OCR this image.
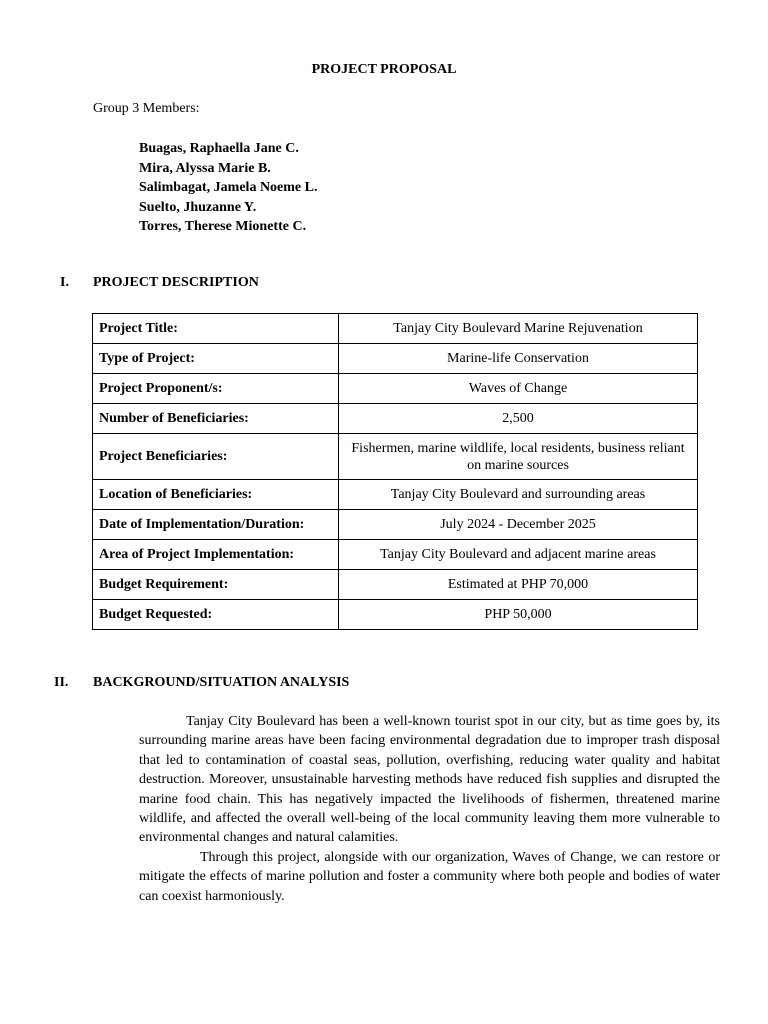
PROJECT PROPOSAL
Group 3 Members:
Buagas, Raphaella Jane C.
Mira, Alyssa Marie B.
Salimbagat, Jamela Noeme L.
Suelto, Jhuzanne Y.
Torres, Therese Mionette C.
I.	PROJECT DESCRIPTION
Project Title:	Tanjay City Boulevard Marine Rejuvenation
Type of Project:	Marine-life Conservation
Project Proponent/s:	Waves of Change
Number of Beneficiaries:	2,500
Project Beneficiaries:	Fishermen, marine wildlife, local residents, business reliant on marine sources
Location of Beneficiaries:	Tanjay City Boulevard and surrounding areas
Date of Implementation/Duration:	July 2024 - December 2025
Area of Project Implementation:	Tanjay City Boulevard and adjacent marine areas
Budget Requirement:	Estimated at PHP 70,000
Budget Requested:	PHP 50,000
II.	BACKGROUND/SITUATION ANALYSIS

Tanjay City Boulevard has been a well-known tourist spot in our city, but as time goes by, its surrounding marine areas have been facing environmental degradation due to improper trash disposal that led to contamination of coastal seas, pollution, overfishing, reducing water quality and habitat destruction. Moreover, unsustainable harvesting methods have reduced fish supplies and disrupted the marine food chain. This has negatively impacted the livelihoods of fishermen, threatened marine wildlife, and affected the overall well-being of the local community leaving them more vulnerable to environmental changes and natural calamities.

Through this project, alongside with our organization, Waves of Change, we can restore or mitigate the effects of marine pollution and foster a community where both people and bodies of water can coexist harmoniously.
